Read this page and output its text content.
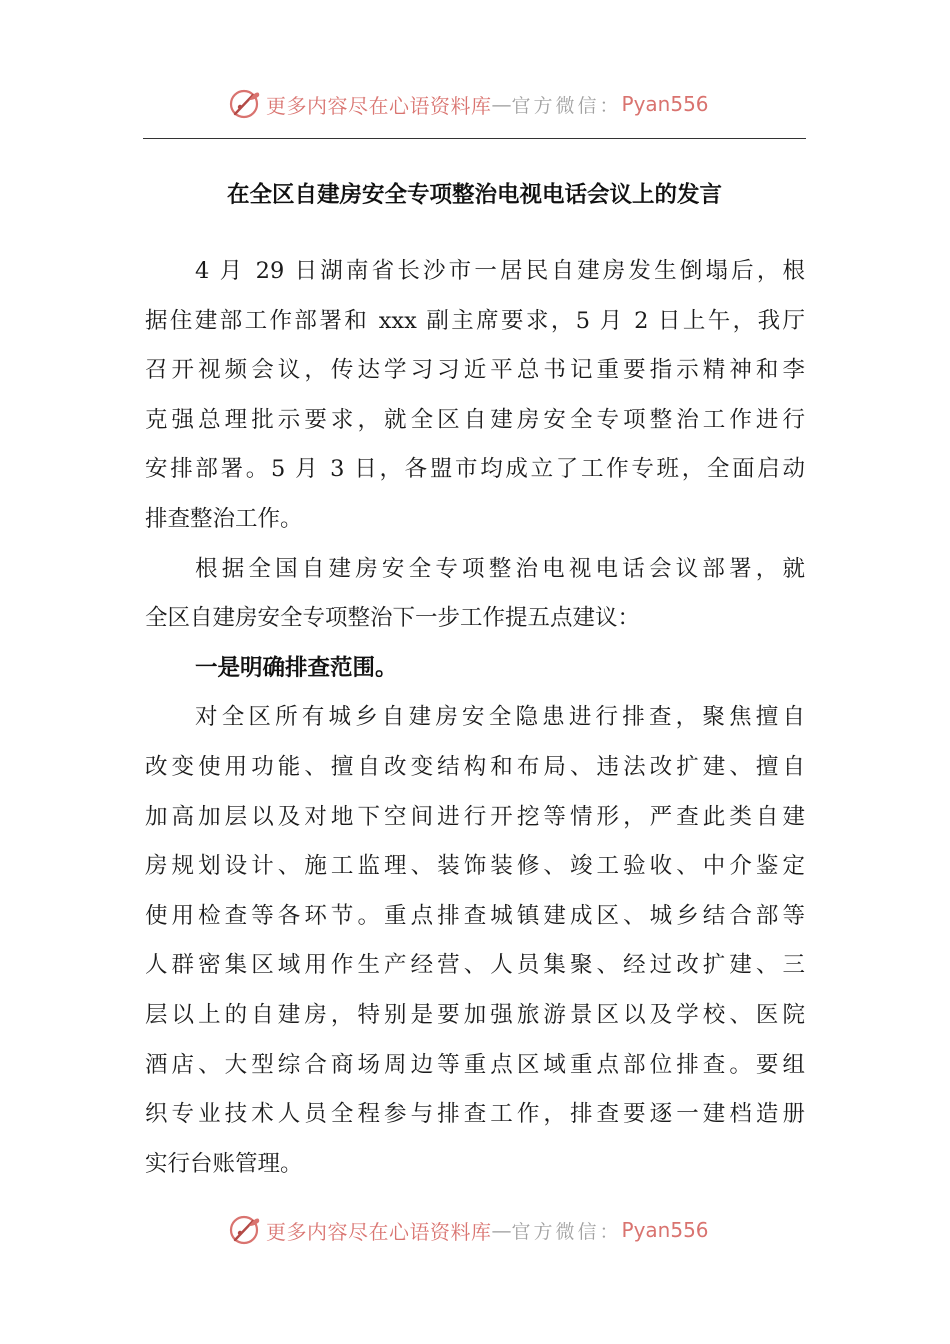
更多内容尽在心语资料库 — 官方微信： Pyan556
在全区自建房安全专项整治电视电话会议上的发言
4 月 29 日湖南省长沙市一居民自建房发生倒塌后，根
据住建部工作部署和 xxx 副主席要求，5 月 2 日上午，我厅
召开视频会议，传达学习习近平总书记重要指示精神和李
克强总理批示要求，就全区自建房安全专项整治工作进行
安排部署。5 月 3 日，各盟市均成立了工作专班，全面启动
排查整治工作。
根据全国自建房安全专项整治电视电话会议部署，就
全区自建房安全专项整治下一步工作提五点建议：
一是明确排查范围。
对全区所有城乡自建房安全隐患进行排查，聚焦擅自
改变使用功能、擅自改变结构和布局、违法改扩建、擅自
加高加层以及对地下空间进行开挖等情形，严查此类自建
房规划设计、施工监理、装饰装修、竣工验收、中介鉴定
使用检查等各环节。重点排查城镇建成区、城乡结合部等
人群密集区域用作生产经营、人员集聚、经过改扩建、三
层以上的自建房，特别是要加强旅游景区以及学校、医院
酒店、大型综合商场周边等重点区域重点部位排查。要组
织专业技术人员全程参与排查工作，排查要逐一建档造册
实行台账管理。
更多内容尽在心语资料库 — 官方微信： Pyan556
